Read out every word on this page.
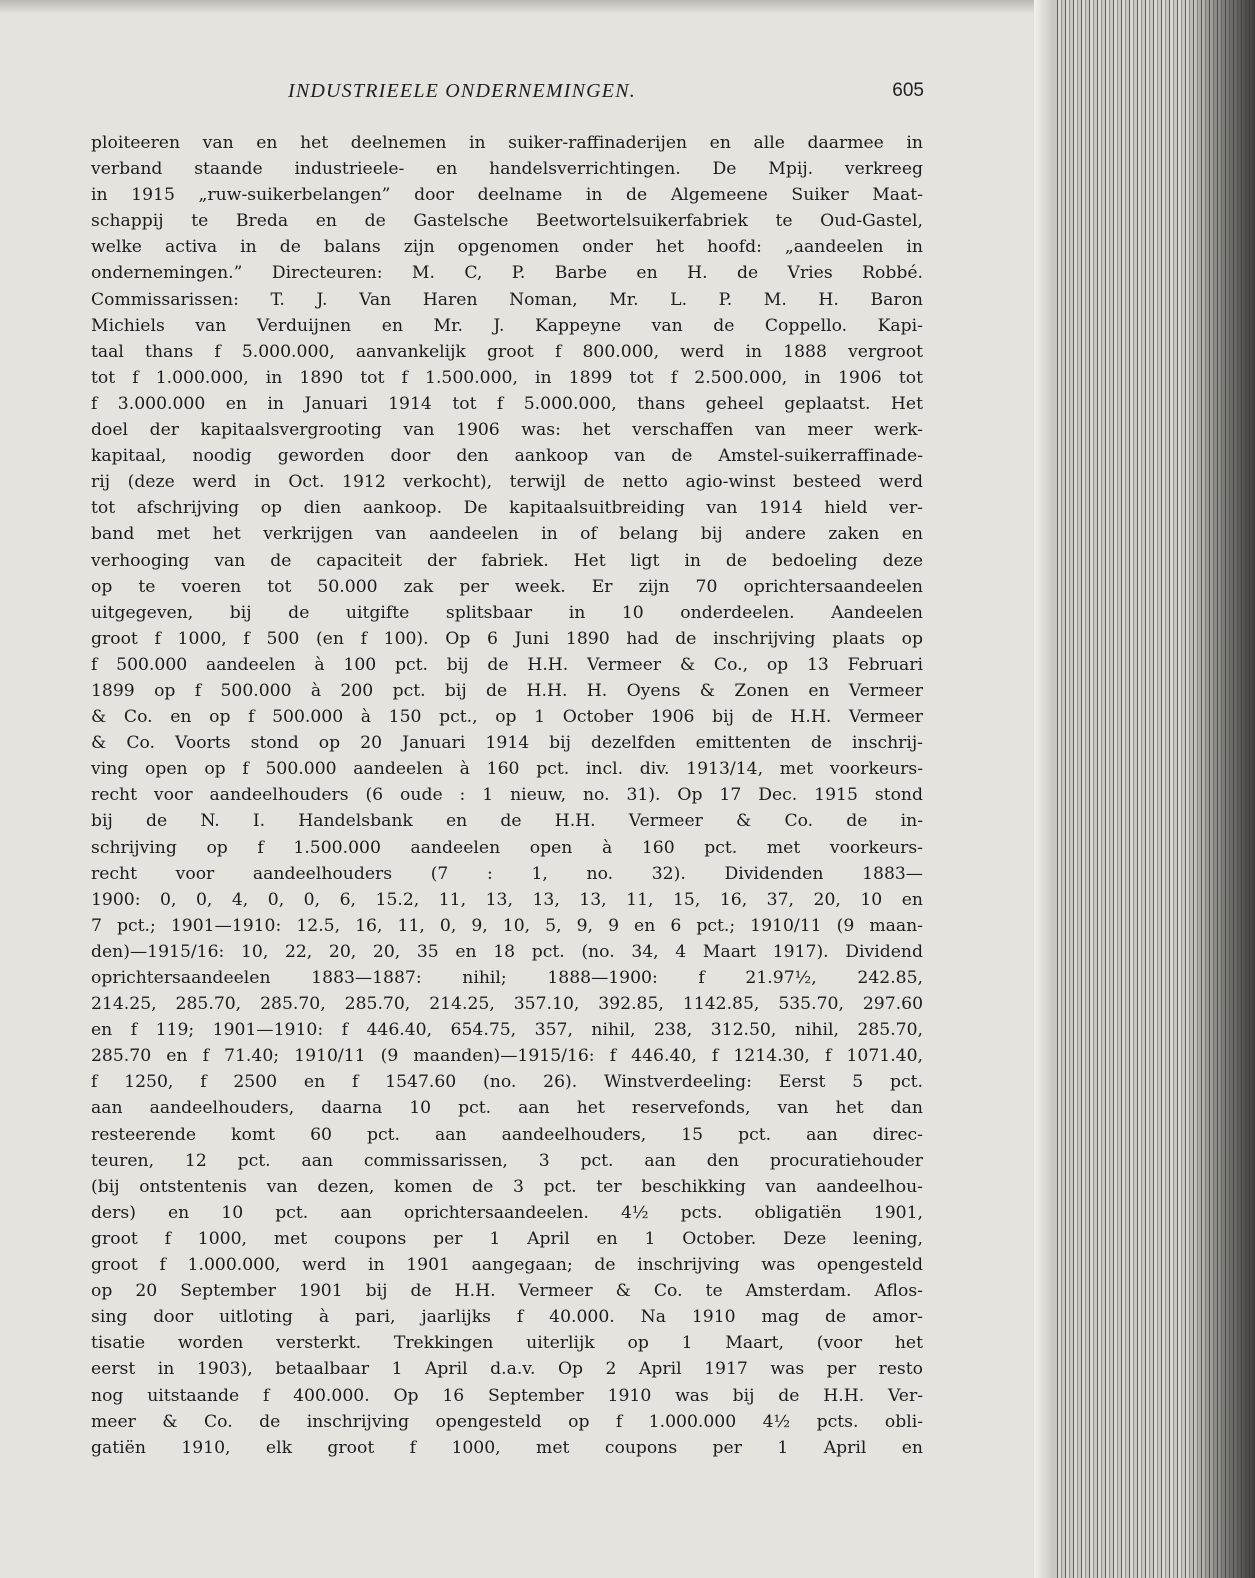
INDUSTRIEELE ONDERNEMINGEN.	605
ploiteeren van en het deelnemen in suiker-raffinaderijen en alle daarmee in
verband staande industrieele- en handelsverrichtingen. De Mpij. verkreeg
in 1915 „ruw-suikerbelangen” door deelname in de Algemeene Suiker Maat-
schappij te Breda en de Gastelsche Beetwortelsuikerfabriek te Oud-Gastel,
welke activa in de balans zijn opgenomen onder het hoofd: „aandeelen in
ondernemingen.” Directeuren: M. C, P. Barbe en H. de Vries Robbé.
Commissarissen: T. J. Van Haren Noman, Mr. L. P. M. H. Baron
Michiels van Verduijnen en Mr. J. Kappeyne van de Coppello. Kapi-
taal thans f 5.000.000, aanvankelijk groot f 800.000, werd in 1888 vergroot
tot f 1.000.000, in 1890 tot f 1.500.000, in 1899 tot f 2.500.000, in 1906 tot
f 3.000.000 en in Januari 1914 tot f 5.000.000, thans geheel geplaatst. Het
doel der kapitaalsvergrooting van 1906 was: het verschaffen van meer werk-
kapitaal, noodig geworden door den aankoop van de Amstel-suikerraffinade-
rij (deze werd in Oct. 1912 verkocht), terwijl de netto agio-winst besteed werd
tot afschrijving op dien aankoop. De kapitaalsuitbreiding van 1914 hield ver-
band met het verkrijgen van aandeelen in of belang bij andere zaken en
verhooging van de capaciteit der fabriek. Het ligt in de bedoeling deze
op te voeren tot 50.000 zak per week. Er zijn 70 oprichtersaandeelen
uitgegeven, bij de uitgifte splitsbaar in 10 onderdeelen. Aandeelen
groot f 1000, f 500 (en f 100). Op 6 Juni 1890 had de inschrijving plaats op
f 500.000 aandeelen à 100 pct. bij de H.H. Vermeer & Co., op 13 Februari
1899 op f 500.000 à 200 pct. bij de H.H. H. Oyens & Zonen en Vermeer
& Co. en op f 500.000 à 150 pct., op 1 October 1906 bij de H.H. Vermeer
& Co. Voorts stond op 20 Januari 1914 bij dezelfden emittenten de inschrij-
ving open op f 500.000 aandeelen à 160 pct. incl. div. 1913/14, met voorkeurs-
recht voor aandeelhouders (6 oude : 1 nieuw, no. 31). Op 17 Dec. 1915 stond
bij de N. I. Handelsbank en de H.H. Vermeer & Co. de in-
schrijving op f 1.500.000 aandeelen open à 160 pct. met voorkeurs-
recht voor aandeelhouders (7 : 1, no. 32). Dividenden 1883—
1900: 0, 0, 4, 0, 0, 6, 15.2, 11, 13, 13, 13, 11, 15, 16, 37, 20, 10 en
7 pct.; 1901—1910: 12.5, 16, 11, 0, 9, 10, 5, 9, 9 en 6 pct.; 1910/11 (9 maan-
den)—1915/16: 10, 22, 20, 20, 35 en 18 pct. (no. 34, 4 Maart 1917). Dividend
oprichtersaandeelen 1883—1887: nihil; 1888—1900: f 21.97½, 242.85,
214.25, 285.70, 285.70, 285.70, 214.25, 357.10, 392.85, 1142.85, 535.70, 297.60
en f 119; 1901—1910: f 446.40, 654.75, 357, nihil, 238, 312.50, nihil, 285.70,
285.70 en f 71.40; 1910/11 (9 maanden)—1915/16: f 446.40, f 1214.30, f 1071.40,
f 1250, f 2500 en f 1547.60 (no. 26). Winstverdeeling: Eerst 5 pct.
aan aandeelhouders, daarna 10 pct. aan het reservefonds, van het dan
resteerende komt 60 pct. aan aandeelhouders, 15 pct. aan direc-
teuren, 12 pct. aan commissarissen, 3 pct. aan den procuratiehouder
(bij ontstentenis van dezen, komen de 3 pct. ter beschikking van aandeelhou-
ders) en 10 pct. aan oprichtersaandeelen. 4½ pcts. obligatiën 1901,
groot f 1000, met coupons per 1 April en 1 October. Deze leening,
groot f 1.000.000, werd in 1901 aangegaan; de inschrijving was opengesteld
op 20 September 1901 bij de H.H. Vermeer & Co. te Amsterdam. Aflos-
sing door uitloting à pari, jaarlijks f 40.000. Na 1910 mag de amor-
tisatie worden versterkt. Trekkingen uiterlijk op 1 Maart, (voor het
eerst in 1903), betaalbaar 1 April d.a.v. Op 2 April 1917 was per resto
nog uitstaande f 400.000. Op 16 September 1910 was bij de H.H. Ver-
meer & Co. de inschrijving opengesteld op f 1.000.000 4½ pcts. obli-
gatiën 1910, elk groot f 1000, met coupons per 1 April en
